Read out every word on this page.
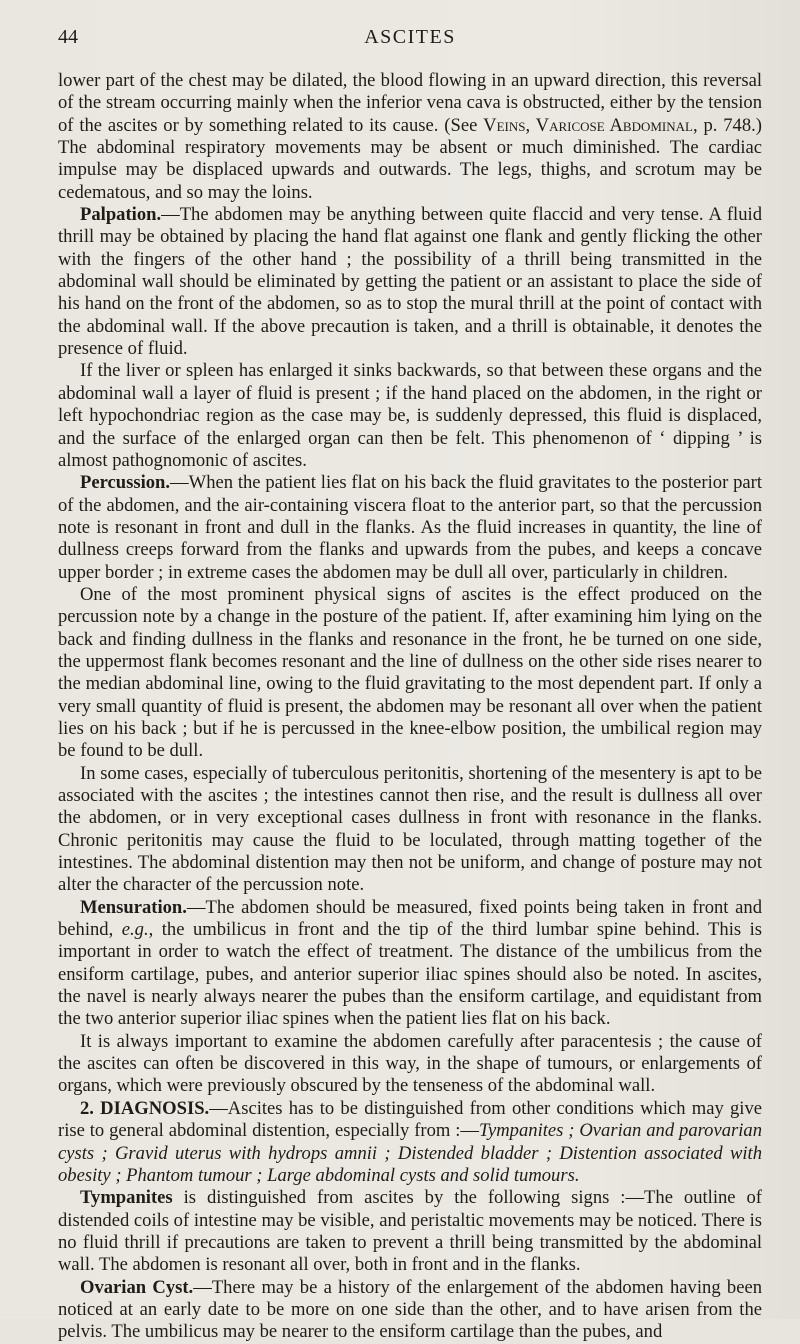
44	ASCITES

lower part of the chest may be dilated, the blood flowing in an upward direction, this reversal of the stream occurring mainly when the inferior vena cava is obstructed, either by the tension of the ascites or by something related to its cause. (See Veins, Varicose Abdominal, p. 748.) The abdominal respiratory movements may be absent or much diminished. The cardiac impulse may be displaced upwards and outwards. The legs, thighs, and scrotum may be cedematous, and so may the loins.

Palpation.—The abdomen may be anything between quite flaccid and very tense. A fluid thrill may be obtained by placing the hand flat against one flank and gently flicking the other with the fingers of the other hand ; the possibility of a thrill being transmitted in the abdominal wall should be eliminated by getting the patient or an assistant to place the side of his hand on the front of the abdomen, so as to stop the mural thrill at the point of contact with the abdominal wall. If the above precaution is taken, and a thrill is obtainable, it denotes the presence of fluid.

If the liver or spleen has enlarged it sinks backwards, so that between these organs and the abdominal wall a layer of fluid is present ; if the hand placed on the abdomen, in the right or left hypochondriac region as the case may be, is suddenly depressed, this fluid is displaced, and the surface of the enlarged organ can then be felt. This phenomenon of ‘ dipping ’ is almost pathognomonic of ascites.

Percussion.—When the patient lies flat on his back the fluid gravitates to the posterior part of the abdomen, and the air-containing viscera float to the anterior part, so that the percussion note is resonant in front and dull in the flanks. As the fluid increases in quantity, the line of dullness creeps forward from the flanks and upwards from the pubes, and keeps a concave upper border ; in extreme cases the abdomen may be dull all over, particularly in children.

One of the most prominent physical signs of ascites is the effect produced on the percussion note by a change in the posture of the patient. If, after examining him lying on the back and finding dullness in the flanks and resonance in the front, he be turned on one side, the uppermost flank becomes resonant and the line of dullness on the other side rises nearer to the median abdominal line, owing to the fluid gravitating to the most dependent part. If only a very small quantity of fluid is present, the abdomen may be resonant all over when the patient lies on his back ; but if he is percussed in the knee-elbow position, the umbilical region may be found to be dull.

In some cases, especially of tuberculous peritonitis, shortening of the mesentery is apt to be associated with the ascites ; the intestines cannot then rise, and the result is dullness all over the abdomen, or in very exceptional cases dullness in front with resonance in the flanks. Chronic peritonitis may cause the fluid to be loculated, through matting together of the intestines. The abdominal distention may then not be uniform, and change of posture may not alter the character of the percussion note.

Mensuration.—The abdomen should be measured, fixed points being taken in front and behind, e.g., the umbilicus in front and the tip of the third lumbar spine behind. This is important in order to watch the effect of treatment. The distance of the umbilicus from the ensiform cartilage, pubes, and anterior superior iliac spines should also be noted. In ascites, the navel is nearly always nearer the pubes than the ensiform cartilage, and equidistant from the two anterior superior iliac spines when the patient lies flat on his back.

It is always important to examine the abdomen carefully after paracentesis ; the cause of the ascites can often be discovered in this way, in the shape of tumours, or enlargements of organs, which were previously obscured by the tenseness of the abdominal wall.

2. DIAGNOSIS.—Ascites has to be distinguished from other conditions which may give rise to general abdominal distention, especially from :—Tympanites ; Ovarian and parovarian cysts ; Gravid uterus with hydrops amnii ; Distended bladder ; Distention associated with obesity ; Phantom tumour ; Large abdominal cysts and solid tumours.

Tympanites is distinguished from ascites by the following signs :—The outline of distended coils of intestine may be visible, and peristaltic movements may be noticed. There is no fluid thrill if precautions are taken to prevent a thrill being transmitted by the abdominal wall. The abdomen is resonant all over, both in front and in the flanks.

Ovarian Cyst.—There may be a history of the enlargement of the abdomen having been noticed at an early date to be more on one side than the other, and to have arisen from the pelvis. The umbilicus may be nearer to the ensiform cartilage than the pubes, and
